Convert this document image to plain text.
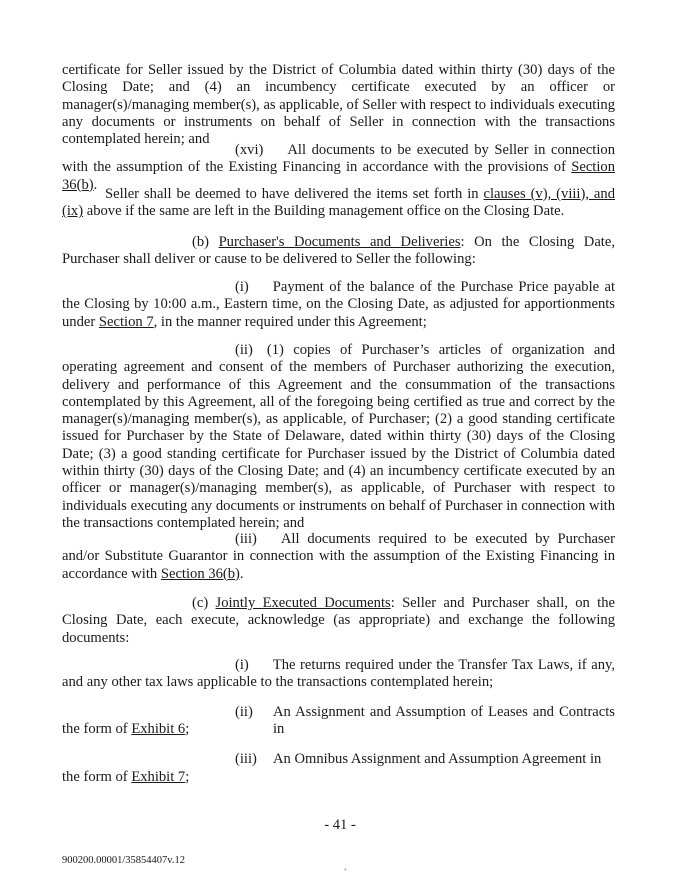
certificate for Seller issued by the District of Columbia dated within thirty (30) days of the Closing Date; and (4) an incumbency certificate executed by an officer or manager(s)/managing member(s), as applicable, of Seller with respect to individuals executing any documents or instruments on behalf of Seller in connection with the transactions contemplated herein; and

(xvi) All documents to be executed by Seller in connection with the assumption of the Existing Financing in accordance with the provisions of Section 36(b).

Seller shall be deemed to have delivered the items set forth in clauses (v), (viii), and (ix) above if the same are left in the Building management office on the Closing Date.

(b) Purchaser's Documents and Deliveries: On the Closing Date, Purchaser shall deliver or cause to be delivered to Seller the following:

(i) Payment of the balance of the Purchase Price payable at the Closing by 10:00 a.m., Eastern time, on the Closing Date, as adjusted for apportionments under Section 7, in the manner required under this Agreement;

(ii) (1) copies of Purchaser’s articles of organization and operating agreement and consent of the members of Purchaser authorizing the execution, delivery and performance of this Agreement and the consummation of the transactions contemplated by this Agreement, all of the foregoing being certified as true and correct by the manager(s)/managing member(s), as applicable, of Purchaser; (2) a good standing certificate issued for Purchaser by the State of Delaware, dated within thirty (30) days of the Closing Date; (3) a good standing certificate for Purchaser issued by the District of Columbia dated within thirty (30) days of the Closing Date; and (4) an incumbency certificate executed by an officer or manager(s)/managing member(s), as applicable, of Purchaser with respect to individuals executing any documents or instruments on behalf of Purchaser in connection with the transactions contemplated herein; and

(iii) All documents required to be executed by Purchaser and/or Substitute Guarantor in connection with the assumption of the Existing Financing in accordance with Section 36(b).

(c) Jointly Executed Documents: Seller and Purchaser shall, on the Closing Date, each execute, acknowledge (as appropriate) and exchange the following documents:

(i) The returns required under the Transfer Tax Laws, if any, and any other tax laws applicable to the transactions contemplated herein;

(ii) An Assignment and Assumption of Leases and Contracts in
the form of Exhibit 6;
(iii) An Omnibus Assignment and Assumption Agreement in
the form of Exhibit 7;
- 41 -
900200.00001/35854407v.12
•
